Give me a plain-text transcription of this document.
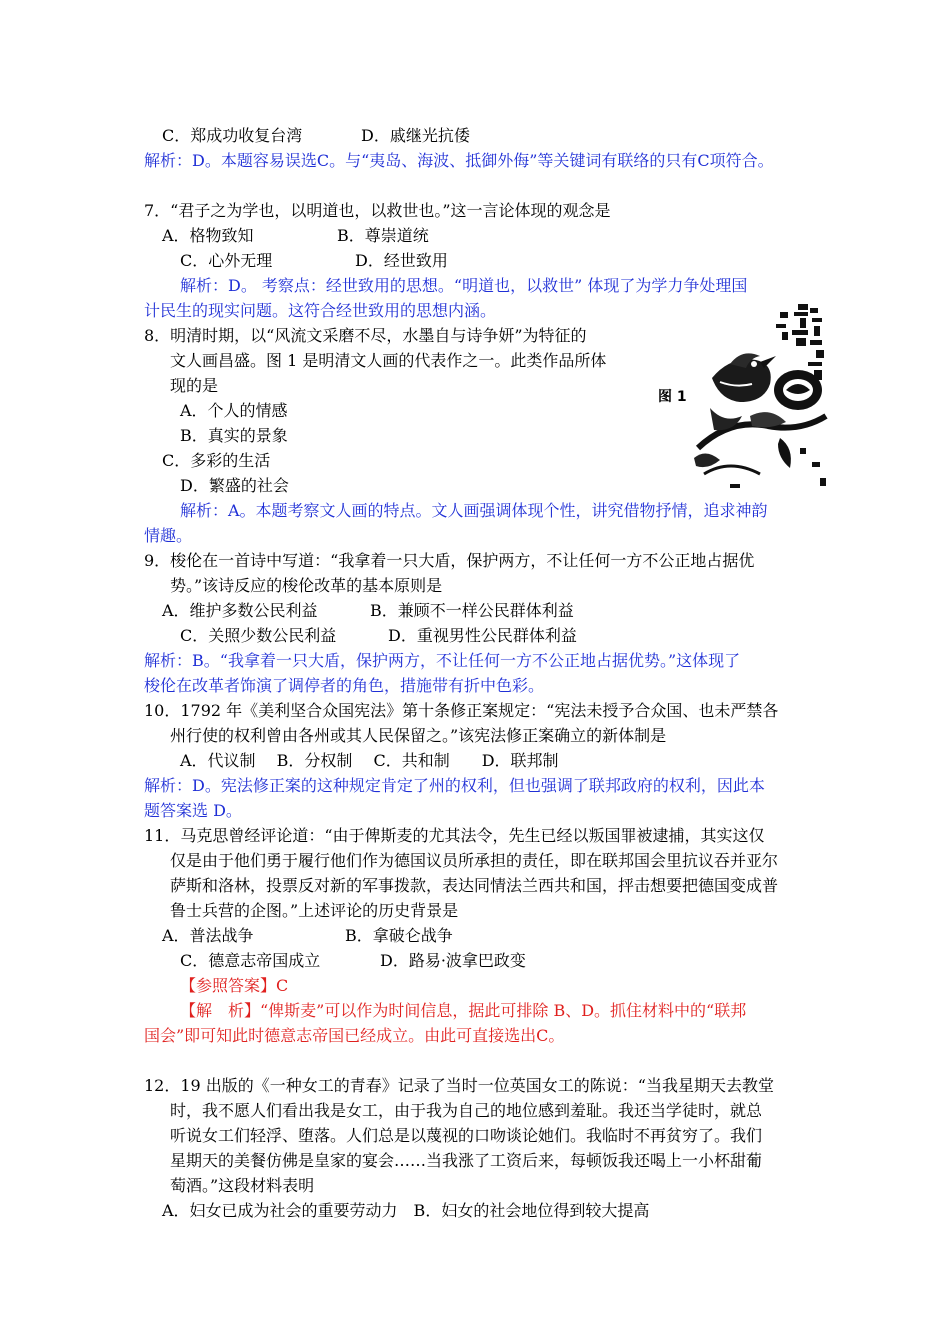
C．郑成功收复台湾	D．戚继光抗倭
解析：D。本题容易误选C。与“夷岛、海波、抵御外侮”等关键词有联络的只有C项符合。
7．“君子之为学也，以明道也，以救世也。”这一言论体现的观念是
A．格物致知	B．尊崇道统
C．心外无理	D．经世致用
解析：D。 考察点：经世致用的思想。“明道也，以救世” 体现了为学力争处理国
计民生的现实问题。这符合经世致用的思想内涵。
8．明清时期，以“风流文采磨不尽，水墨自与诗争妍”为特征的
文人画昌盛。图 1 是明清文人画的代表作之一。此类作品所体
现的是
A．个人的情感
B．真实的景象
C．多彩的生活
D．繁盛的社会
图 1
解析：A。本题考察文人画的特点。文人画强调体现个性，讲究借物抒情，追求神韵
情趣。
9．梭伦在一首诗中写道：“我拿着一只大盾，保护两方，不让任何一方不公正地占据优
势。”该诗反应的梭伦改革的基本原则是
A．维护多数公民利益	B．兼顾不一样公民群体利益
C．关照少数公民利益	D．重视男性公民群体利益
解析：B。“我拿着一只大盾，保护两方，不让任何一方不公正地占据优势。”这体现了
梭伦在改革者饰演了调停者的角色，措施带有折中色彩。
10．1792 年《美利坚合众国宪法》第十条修正案规定：“宪法未授予合众国、也未严禁各
州行使的权利曾由各州或其人民保留之。”该宪法修正案确立的新体制是
A．代议制　 B．分权制　 C．共和制　　D．联邦制
解析：D。宪法修正案的这种规定肯定了州的权利，但也强调了联邦政府的权利，因此本
题答案选 D。
11．马克思曾经评论道：“由于俾斯麦的尤其法令，先生已经以叛国罪被逮捕，其实这仅
仅是由于他们勇于履行他们作为德国议员所承担的责任，即在联邦国会里抗议吞并亚尔
萨斯和洛林，投票反对新的军事拨款，表达同情法兰西共和国，抨击想要把德国变成普
鲁士兵营的企图。”上述评论的历史背景是
A．普法战争	B．拿破仑战争
C．德意志帝国成立	D．路易·波拿巴政变
【参照答案】C
【解　析】“俾斯麦”可以作为时间信息，据此可排除 B、D。抓住材料中的“联邦
国会”即可知此时德意志帝国已经成立。由此可直接选出C。
12．19 出版的《一种女工的青春》记录了当时一位英国女工的陈说：“当我星期天去教堂
时，我不愿人们看出我是女工，由于我为自己的地位感到羞耻。我还当学徒时，就总
听说女工们轻浮、堕落。人们总是以蔑视的口吻谈论她们。我临时不再贫穷了。我们
星期天的美餐仿佛是皇家的宴会……当我涨了工资后来，每顿饭我还喝上一小杯甜葡
萄酒。”这段材料表明
A．妇女已成为社会的重要劳动力　B．妇女的社会地位得到较大提高
